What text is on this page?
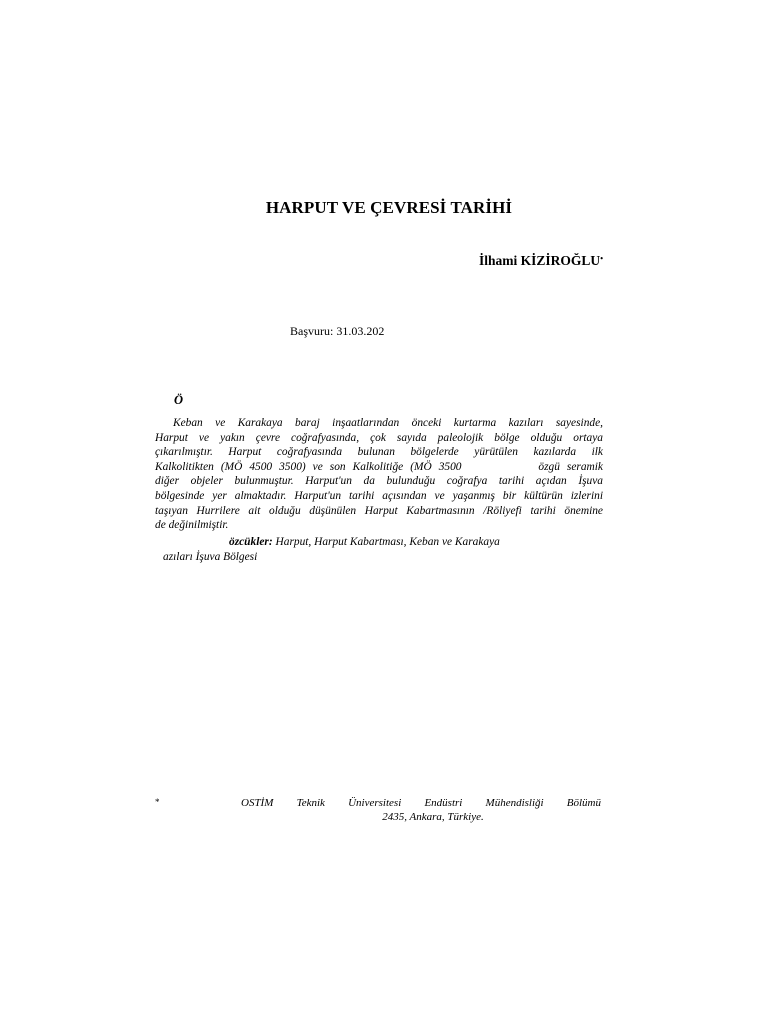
HARPUT VE ÇEVRESİ TARİHİ
İlhami KİZİROĞLU•
Başvuru: 31.03.202
Ö
Keban ve Karakaya baraj inşaatlarından önceki kurtarma kazıları sayesinde,
Harput ve yakın çevre coğrafyasında, çok sayıda paleolojik bölge olduğu ortaya
çıkarılmıştır. Harput coğrafyasında bulunan bölgelerde yürütülen kazılarda ilk
Kalkolitikten (MÖ 4500 3500) ve son Kalkolitiğe (MÖ 3500           özgü seramik
diğer objeler bulunmuştur. Harput'un da bulunduğu coğrafya tarihi açıdan İşuva
bölgesinde yer almaktadır. Harput'un tarihi açısından ve yaşanmış bir kültürün izlerini
taşıyan Hurrilere ait olduğu düşünülen Harput Kabartmasının /Röliyefi tarihi önemine
de değinilmiştir.
özcükler: Harput, Harput Kabartması, Keban ve Karakaya
azıları İşuva Bölgesi
*	OSTİM    Teknik    Üniversitesi    Endüstri    Mühendisliği    Bölümü
2435, Ankara, Türkiye.
